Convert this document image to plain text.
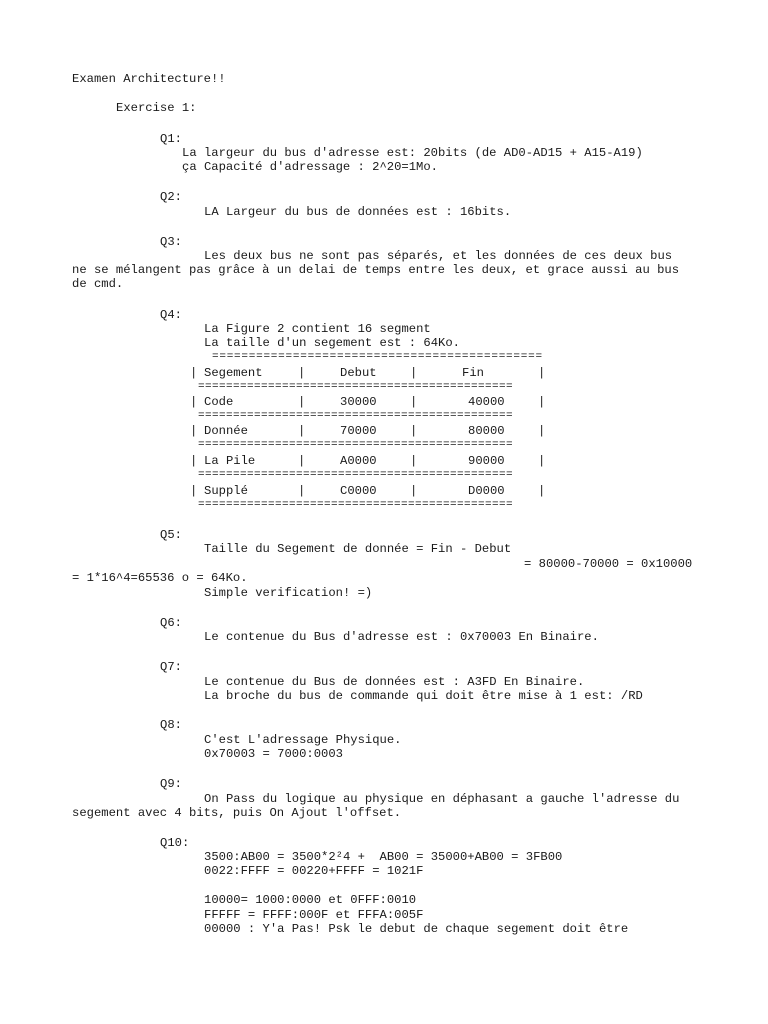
Examen Architecture!!
Exercise 1:
Q1:
La largeur du bus d'adresse est: 20bits (de AD0-AD15 + A15-A19)
ça Capacité d'adressage : 2^20=1Mo.
Q2:
LA Largeur du bus de données est : 16bits.
Q3:
Les deux bus ne sont pas séparés, et les données de ces deux bus
ne se mélangent pas grâce à un delai de temps entre les deux, et grace aussi au bus
de cmd.
Q4:
La Figure 2 contient 16 segment
La taille d'un segement est : 64Ko.
=============================================
| Segement	|	Debut	|	Fin	|
=============================================
| Code	|	30000	|	40000	|
=============================================
| Donnée	|	70000	|	80000	|
=============================================
| La Pile	|	A0000	|	90000	|
=============================================
| Supplé	|	C0000	|	D0000	|
=============================================
Q5:
Taille du Segement de donnée = Fin - Debut
= 80000-70000 = 0x10000
= 1*16^4=65536 o = 64Ko.
Simple verification! =)
Q6:
Le contenue du Bus d'adresse est : 0x70003 En Binaire.
Q7:
Le contenue du Bus de données est : A3FD En Binaire.
La broche du bus de commande qui doit être mise à 1 est: /RD
Q8:
C'est L'adressage Physique.
0x70003 = 7000:0003
Q9:
On Pass du logique au physique en déphasant a gauche l'adresse du
segement avec 4 bits, puis On Ajout l'offset.
Q10:
3500:AB00 = 3500*2²4 +  AB00 = 35000+AB00 = 3FB00
0022:FFFF = 00220+FFFF = 1021F
10000= 1000:0000 et 0FFF:0010
FFFFF = FFFF:000F et FFFA:005F
00000 : Y'a Pas! Psk le debut de chaque segement doit être
